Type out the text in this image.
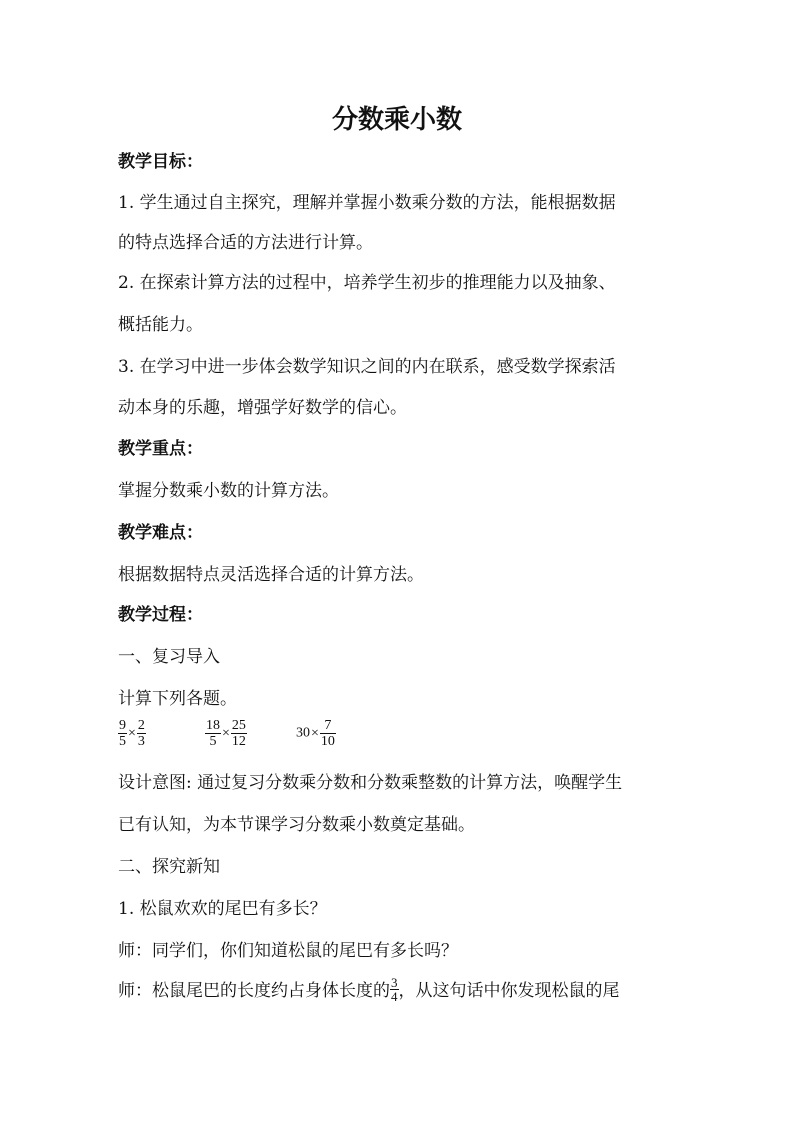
分数乘小数
教学目标：
1. 学生通过自主探究，理解并掌握小数乘分数的方法，能根据数据
的特点选择合适的方法进行计算。
2. 在探索计算方法的过程中，培养学生初步的推理能力以及抽象、
概括能力。
3. 在学习中进一步体会数学知识之间的内在联系，感受数学探索活
动本身的乐趣，增强学好数学的信心。
教学重点：
掌握分数乘小数的计算方法。
教学难点：
根据数据特点灵活选择合适的计算方法。
教学过程：
一、复习导入
计算下列各题。
$\frac{9}{5} \times \frac{2}{3}$	$\frac{18}{5} \times \frac{25}{12}$	$30\times \frac{7}{10}$
设计意图: 通过复习分数乘分数和分数乘整数的计算方法，唤醒学生
已有认知，为本节课学习分数乘小数奠定基础。
二、探究新知
1. 松鼠欢欢的尾巴有多长？
师：同学们，你们知道松鼠的尾巴有多长吗？
师：松鼠尾巴的长度约占身体长度的 $\frac{3}{4}$ ，从这句话中你发现松鼠的尾
